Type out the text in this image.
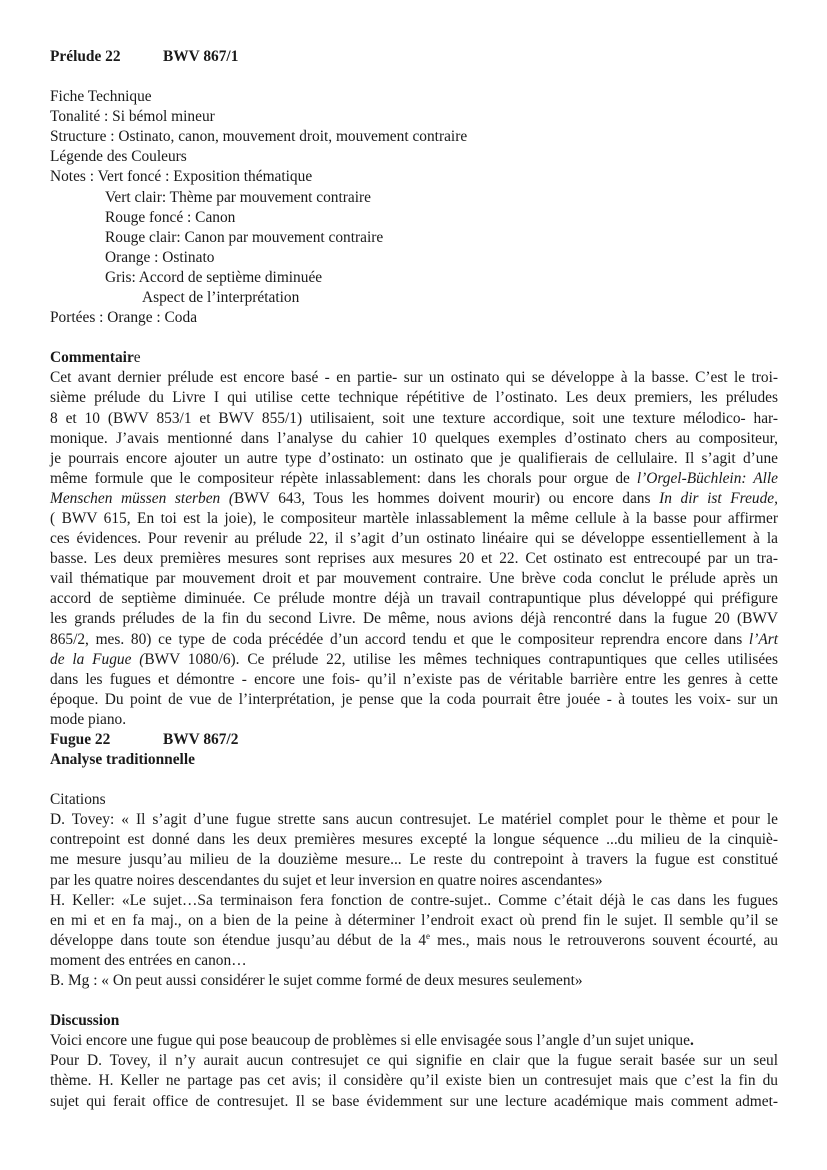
Prélude 22	BWV 867/1
Fiche Technique
Tonalité : Si bémol mineur
Structure : Ostinato, canon, mouvement droit, mouvement contraire
Légende des Couleurs
Notes : Vert foncé : Exposition thématique
Vert clair: Thème par mouvement contraire
Rouge foncé : Canon
Rouge clair: Canon par mouvement contraire
Orange : Ostinato
Gris: Accord de septième diminuée
Aspect de l’interprétation
Portées : Orange : Coda
Commentaire
Cet avant dernier prélude est encore basé - en partie- sur un ostinato qui se développe à la basse. C’est le troi-
sième prélude du Livre I qui utilise cette technique répétitive de l’ostinato. Les deux premiers, les préludes
8 et 10 (BWV 853/1 et BWV 855/1) utilisaient, soit une texture accordique, soit une texture mélodico- har-
monique. J’avais mentionné dans l’analyse du cahier 10 quelques exemples d’ostinato chers au compositeur,
je pourrais encore ajouter un autre type d’ostinato: un ostinato que je qualifierais de cellulaire. Il s’agit d’une
même formule que le compositeur répète inlassablement: dans les chorals pour orgue de l’Orgel-Büchlein: Alle
Menschen müssen sterben (BWV 643, Tous les hommes doivent mourir) ou encore dans In dir ist Freude,
( BWV 615, En toi est la joie), le compositeur martèle inlassablement la même cellule à la basse pour affirmer
ces évidences. Pour revenir au prélude 22, il s’agit d’un ostinato linéaire qui se développe essentiellement à la
basse. Les deux premières mesures sont reprises aux mesures 20 et 22. Cet ostinato est entrecoupé par un tra-
vail thématique par mouvement droit et par mouvement contraire. Une brève coda conclut le prélude après un
accord de septième diminuée. Ce prélude montre déjà un travail contrapuntique plus développé qui préfigure
les grands préludes de la fin du second Livre. De même, nous avions déjà rencontré dans la fugue 20 (BWV
865/2, mes. 80) ce type de coda précédée d’un accord tendu et que le compositeur reprendra encore dans l’Art
de la Fugue (BWV 1080/6). Ce prélude 22, utilise les mêmes techniques contrapuntiques que celles utilisées
dans les fugues et démontre - encore une fois- qu’il n’existe pas de véritable barrière entre les genres à cette
époque. Du point de vue de l’interprétation, je pense que la coda pourrait être jouée - à toutes les voix- sur un
mode piano.
Fugue 22	BWV 867/2
Analyse traditionnelle
Citations
D. Tovey: « Il s’agit d’une fugue strette sans aucun contresujet. Le matériel complet pour le thème et pour le
contrepoint est donné dans les deux premières mesures excepté la longue séquence ...du milieu de la cinquiè-
me mesure jusqu’au milieu de la douzième mesure... Le reste du contrepoint à travers la fugue est constitué
par les quatre noires descendantes du sujet et leur inversion en quatre noires ascendantes»
H. Keller: «Le sujet…Sa terminaison fera fonction de contre-sujet.. Comme c’était déjà le cas dans les fugues
en mi et en fa maj., on a bien de la peine à déterminer l’endroit exact où prend fin le sujet. Il semble qu’il se
développe dans toute son étendue jusqu’au début de la 4e mes., mais nous le retrouverons souvent écourté, au
moment des entrées en canon…
B. Mg : « On peut aussi considérer le sujet comme formé de deux mesures seulement»
Discussion
Voici encore une fugue qui pose beaucoup de problèmes si elle envisagée sous l’angle d’un sujet unique.
Pour D. Tovey, il n’y aurait aucun contresujet ce qui signifie en clair que la fugue serait basée sur un seul
thème. H. Keller ne partage pas cet avis; il considère qu’il existe bien un contresujet mais que c’est la fin du
sujet qui ferait office de contresujet. Il se base évidemment sur une lecture académique mais comment admet-
